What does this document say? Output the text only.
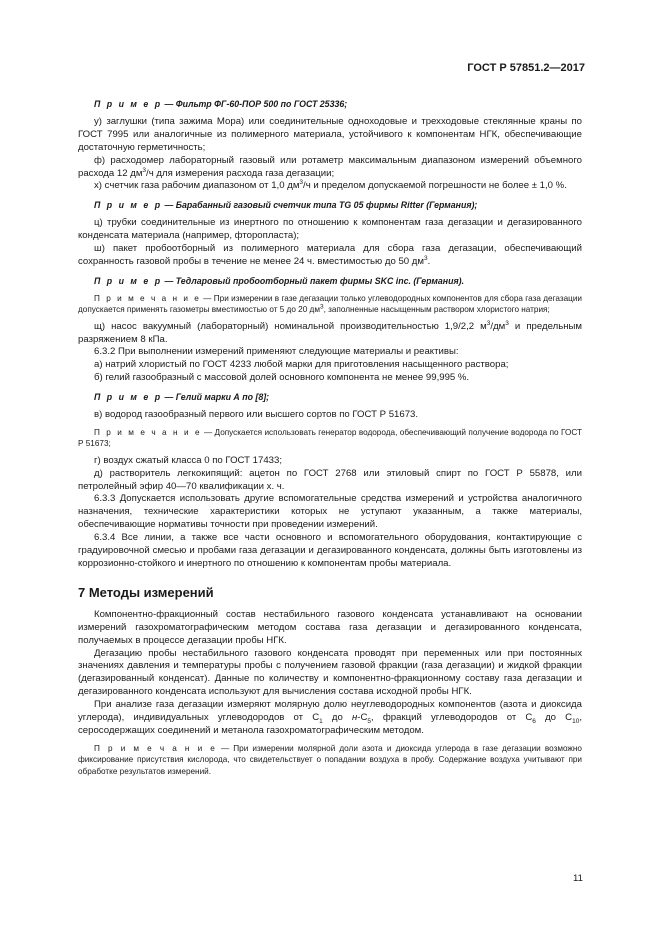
ГОСТ Р 57851.2—2017

П р и м е р — Фильтр ФГ-60-ПОР 500 по ГОСТ 25336;

у) заглушки (типа зажима Мора) или соединительные одноходовые и трехходовые стеклянные краны по ГОСТ 7995 или аналогичные из полимерного материала, устойчивого к компонентам НГК, обеспечивающие достаточную герметичность;

ф) расходомер лабораторный газовый или ротаметр максимальным диапазоном измерений объемного расхода 12 $дм^3/ч$ для измерения расхода газа дегазации;

х) счетчик газа рабочим диапазоном от 1,0 $дм^3/ч$ и пределом допускаемой погрешности не более ± 1,0 %.

П р и м е р — Барабанный газовый счетчик типа TG 05 фирмы Ritter (Германия);

ц) трубки соединительные из инертного по отношению к компонентам газа дегазации и дегазированного конденсата материала (например, фторопласта);

ш) пакет пробоотборный из полимерного материала для сбора газа дегазации, обеспечивающий сохранность газовой пробы в течение не менее 24 ч. вместимостью до 50 $дм^3$.

П р и м е р — Тедларовый пробоотборный пакет фирмы SKC inc. (Германия).

П р и м е ч а н и е — При измерении в газе дегазации только углеводородных компонентов для сбора газа дегазации допускается применять газометры вместимостью от 5 до 20 $дм^3$, заполненные насыщенным раствором хлористого натрия;

щ) насос вакуумный (лабораторный) номинальной производительностью 1,9/2,2 $м^3/дм^3$ и предельным разряжением 8 кПа.

6.3.2 При выполнении измерений применяют следующие материалы и реактивы:

а) натрий хлористый по ГОСТ 4233 любой марки для приготовления насыщенного раствора;

б) гелий газообразный с массовой долей основного компонента не менее 99,995 %.

П р и м е р — Гелий марки А по [8];

в) водород газообразный первого или высшего сортов по ГОСТ Р 51673.

П р и м е ч а н и е — Допускается использовать генератор водорода, обеспечивающий получение водорода по ГОСТ Р 51673;

г) воздух сжатый класса 0 по ГОСТ 17433;

д) растворитель легкокипящий: ацетон по ГОСТ 2768 или этиловый спирт по ГОСТ Р 55878, или петролейный эфир 40—70 квалификации х. ч.

6.3.3 Допускается использовать другие вспомогательные средства измерений и устройства аналогичного назначения, технические характеристики которых не уступают указанным, а также материалы, обеспечивающие нормативы точности при проведении измерений.

6.3.4 Все линии, а также все части основного и вспомогательного оборудования, контактирующие с градуировочной смесью и пробами газа дегазации и дегазированного конденсата, должны быть изготовлены из коррозионно-стойкого и инертного по отношению к компонентам пробы материала.

7 Методы измерений

Компонентно-фракционный состав нестабильного газового конденсата устанавливают на основании измерений газохроматографическим методом состава газа дегазации и дегазированного конденсата, получаемых в процессе дегазации пробы НГК.

Дегазацию пробы нестабильного газового конденсата проводят при переменных или при постоянных значениях давления и температуры пробы с получением газовой фракции (газа дегазации) и жидкой фракции (дегазированный конденсат). Данные по количеству и компонентно-фракционному составу газа дегазации и дегазированного конденсата используют для вычисления состава исходной пробы НГК.

При анализе газа дегазации измеряют молярную долю неуглеводородных компонентов (азота и диоксида углерода), индивидуальных углеводородов от $С_1$ до $н-С_5$, фракций углеводородов от $С_6$ до $С_{10}$, серосодержащих соединений и метанола газохроматографическим методом.

П р и м е ч а н и е — При измерении молярной доли азота и диоксида углерода в газе дегазации возможно фиксирование присутствия кислорода, что свидетельствует о попадании воздуха в пробу. Содержание воздуха учитывают при обработке результатов измерений.

11
